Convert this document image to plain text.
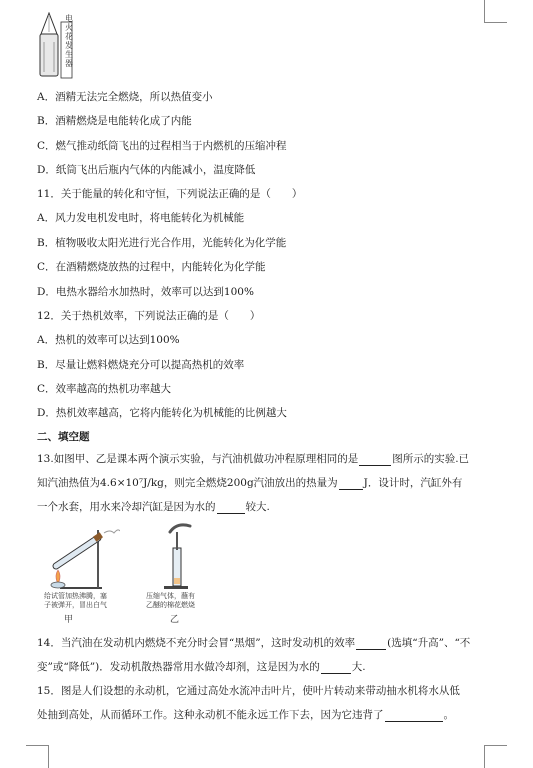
电火花发生器
A．酒精无法完全燃烧，所以热值变小
B．酒精燃烧是电能转化成了内能
C．燃气推动纸筒飞出的过程相当于内燃机的压缩冲程
D．纸筒飞出后瓶内气体的内能减小，温度降低
11．关于能量的转化和守恒，下列说法正确的是（　　）
A．风力发电机发电时，将电能转化为机械能
B．植物吸收太阳光进行光合作用，光能转化为化学能
C．在酒精燃烧放热的过程中，内能转化为化学能
D．电热水器给水加热时，效率可以达到100%
12．关于热机效率，下列说法正确的是（　　）
A．热机的效率可以达到100%
B．尽量让燃料燃烧充分可以提高热机的效率
C．效率越高的热机功率越大
D．热机效率越高，它将内能转化为机械能的比例越大
二、填空题
13.如图甲、乙是课本两个演示实验，与汽油机做功冲程原理相同的是	图所示的实验.已
知汽油热值为4.6×10⁷J/kg，则完全燃烧200g汽油放出的热量为 J．设计时，汽缸外有
一个水套，用水来冷却汽缸是因为水的	较大.
给试管加热沸腾，塞
子被弹开，冒出白气
甲
压缩气体，蘸有
乙醚的棉花燃烧
乙
14．当汽油在发动机内燃烧不充分时会冒“黑烟”，这时发动机的效率	(选填“升高”、“不
变”或“降低”)．发动机散热器常用水做冷却剂，这是因为水的	大.
15．图是人们设想的永动机，它通过高处水流冲击叶片，使叶片转动来带动抽水机将水从低
处抽到高处，从而循环工作。这种永动机不能永远工作下去，因为它违背了	。
